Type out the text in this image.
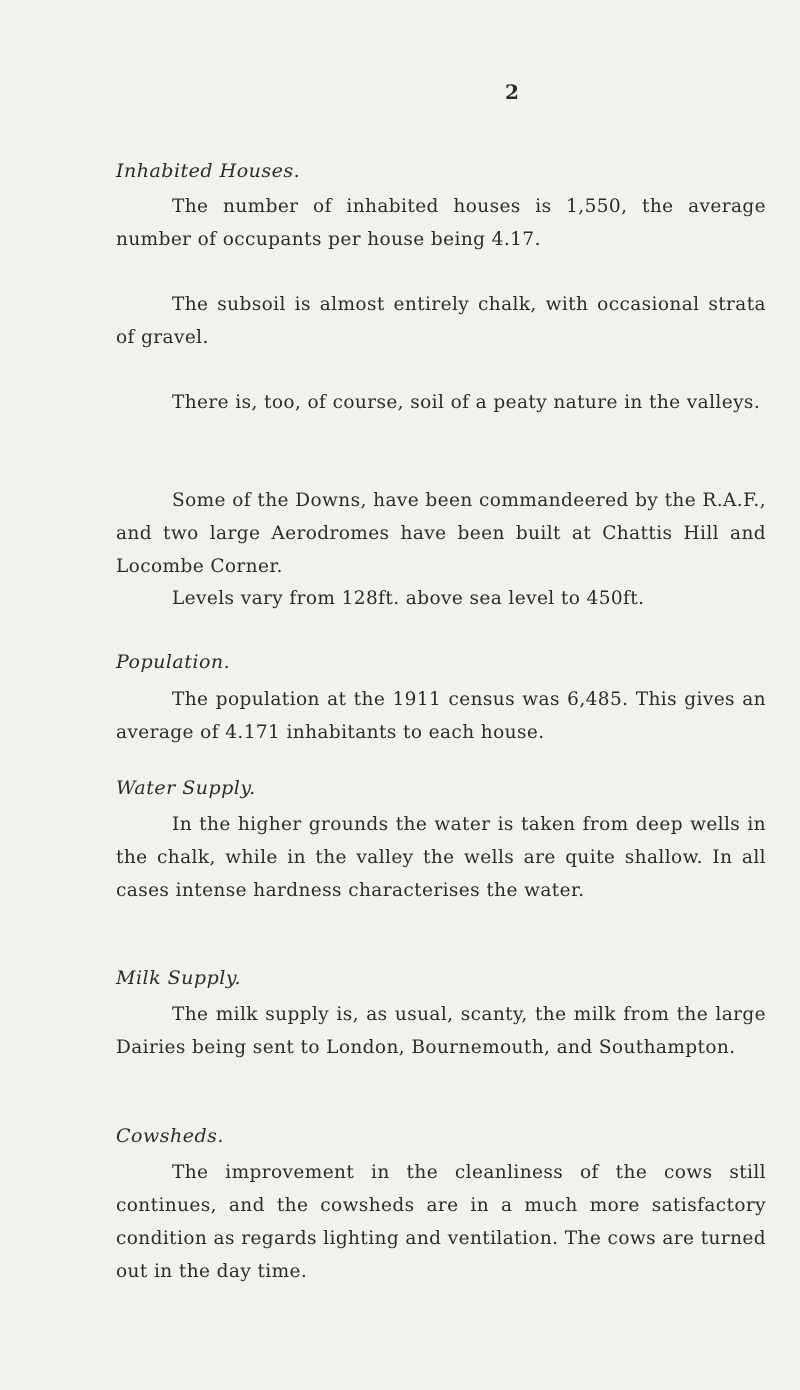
2
Inhabited Houses.

The number of inhabited houses is 1,550, the average number of occupants per house being 4.17.

The subsoil is almost entirely chalk, with occasional strata of gravel.

There is, too, of course, soil of a peaty nature in the valleys.

Some of the Downs, have been commandeered by the R.A.F., and two large Aerodromes have been built at Chattis Hill and Locombe Corner.

Levels vary from 128ft. above sea level to 450ft.

Population.

The population at the 1911 census was 6,485. This gives an average of 4.171 inhabitants to each house.

Water Supply.

In the higher grounds the water is taken from deep wells in the chalk, while in the valley the wells are quite shallow. In all cases intense hardness characterises the water.

Milk Supply.

The milk supply is, as usual, scanty, the milk from the large Dairies being sent to London, Bournemouth, and Southampton.

Cowsheds.

The improvement in the cleanliness of the cows still continues, and the cowsheds are in a much more satisfactory condition as regards lighting and ventilation. The cows are turned out in the day time.
